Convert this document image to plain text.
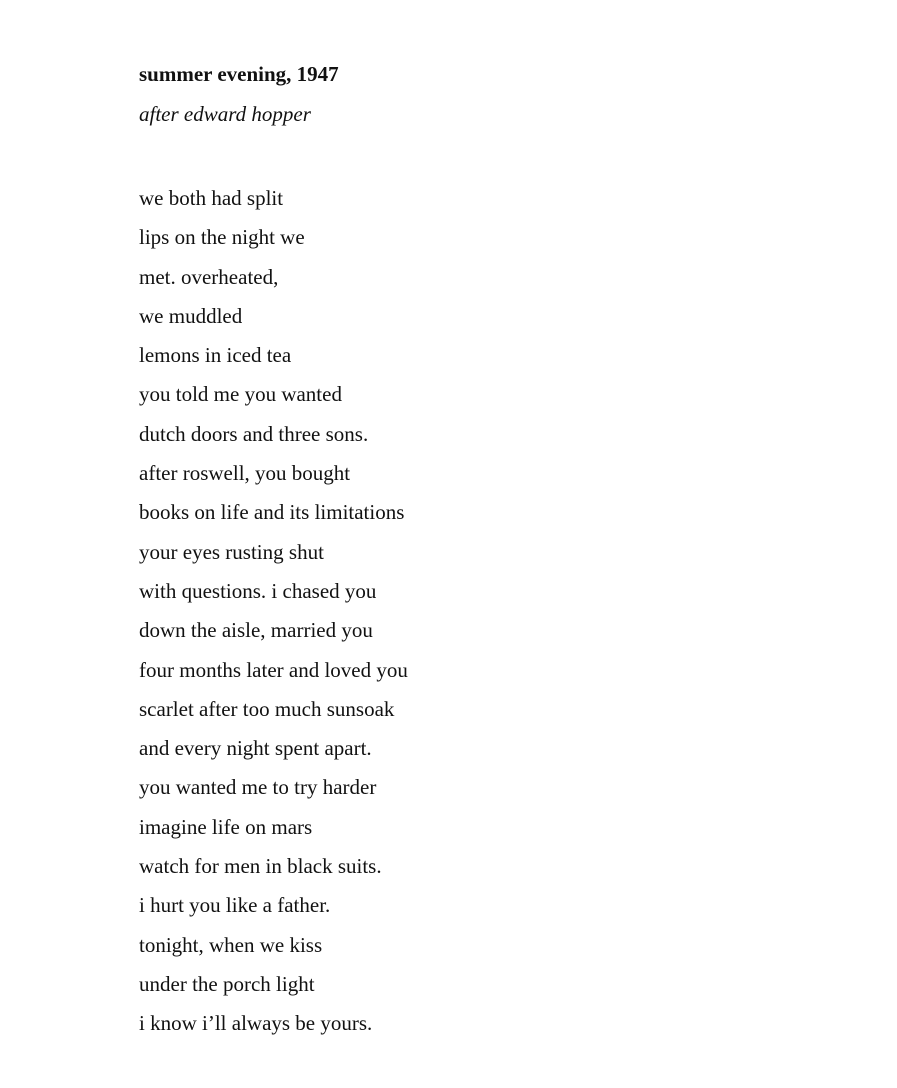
summer evening, 1947

after edward hopper

we both had split
lips on the night we
met. overheated,
we muddled
lemons in iced tea
you told me you wanted
dutch doors and three sons.
after roswell, you bought
books on life and its limitations
your eyes rusting shut
with questions. i chased you
down the aisle, married you
four months later and loved you
scarlet after too much sunsoak
and every night spent apart.
you wanted me to try harder
imagine life on mars
watch for men in black suits.
i hurt you like a father.
tonight, when we kiss
under the porch light
i know i’ll always be yours.
